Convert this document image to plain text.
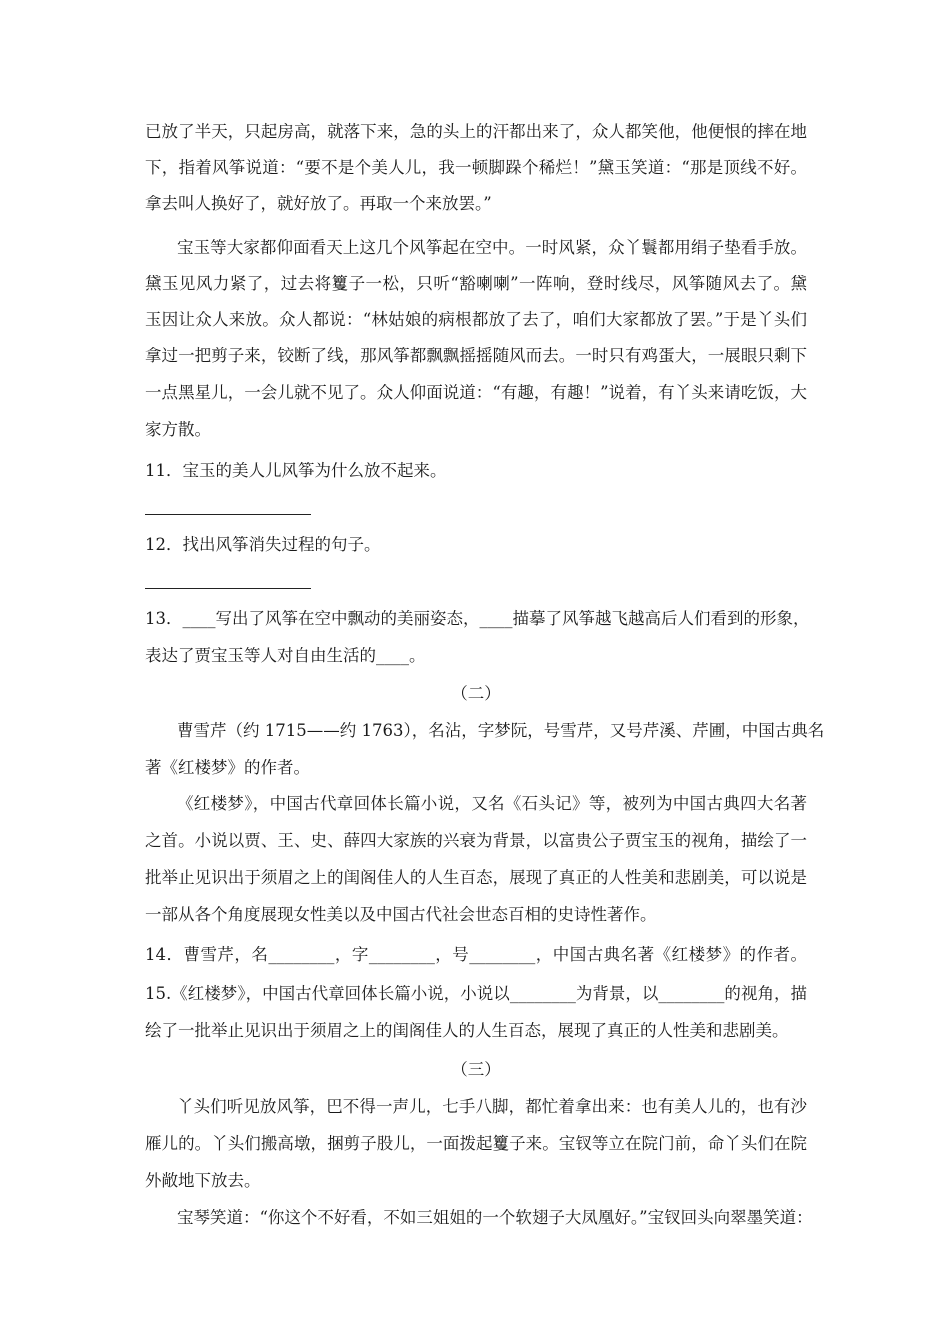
已放了半天，只起房高，就落下来，急的头上的汗都出来了，众人都笑他，他便恨的摔在地
下，指着风筝说道：“要不是个美人儿，我一顿脚跺个稀烂！”黛玉笑道：“那是顶线不好。
拿去叫人换好了，就好放了。再取一个来放罢。”
宝玉等大家都仰面看天上这几个风筝起在空中。一时风紧，众丫鬟都用绢子垫看手放。
黛玉见风力紧了，过去将籰子一松，只听“豁喇喇”一阵响，登时线尽，风筝随风去了。黛
玉因让众人来放。众人都说：“林姑娘的病根都放了去了，咱们大家都放了罢。”于是丫头们
拿过一把剪子来，铰断了线，那风筝都飘飘摇摇随风而去。一时只有鸡蛋大，一展眼只剩下
一点黑星儿，一会儿就不见了。众人仰面说道：“有趣，有趣！”说着，有丫头来请吃饭，大
家方散。
11．宝玉的美人儿风筝为什么放不起来。
12．找出风筝消失过程的句子。
13．____写出了风筝在空中飘动的美丽姿态，____描摹了风筝越飞越高后人们看到的形象，
表达了贾宝玉等人对自由生活的____。
（二）
曹雪芹（约 1715——约 1763），名沾，字梦阮，号雪芹，又号芹溪、芹圃，中国古典名
著《红楼梦》的作者。
《红楼梦》，中国古代章回体长篇小说，又名《石头记》等，被列为中国古典四大名著
之首。小说以贾、王、史、薛四大家族的兴衰为背景，以富贵公子贾宝玉的视角，描绘了一
批举止见识出于须眉之上的闺阁佳人的人生百态，展现了真正的人性美和悲剧美，可以说是
一部从各个角度展现女性美以及中国古代社会世态百相的史诗性著作。
14．曹雪芹，名________，字________，号________，中国古典名著《红楼梦》的作者。
15.《红楼梦》，中国古代章回体长篇小说，小说以________为背景，以________的视角，描
绘了一批举止见识出于须眉之上的闺阁佳人的人生百态，展现了真正的人性美和悲剧美。
（三）
丫头们听见放风筝，巴不得一声儿，七手八脚，都忙着拿出来：也有美人儿的，也有沙
雁儿的。丫头们搬高墩，捆剪子股儿，一面拨起籰子来。宝钗等立在院门前，命丫头们在院
外敞地下放去。
宝琴笑道：“你这个不好看，不如三姐姐的一个软翅子大凤凰好。”宝钗回头向翠墨笑道：
